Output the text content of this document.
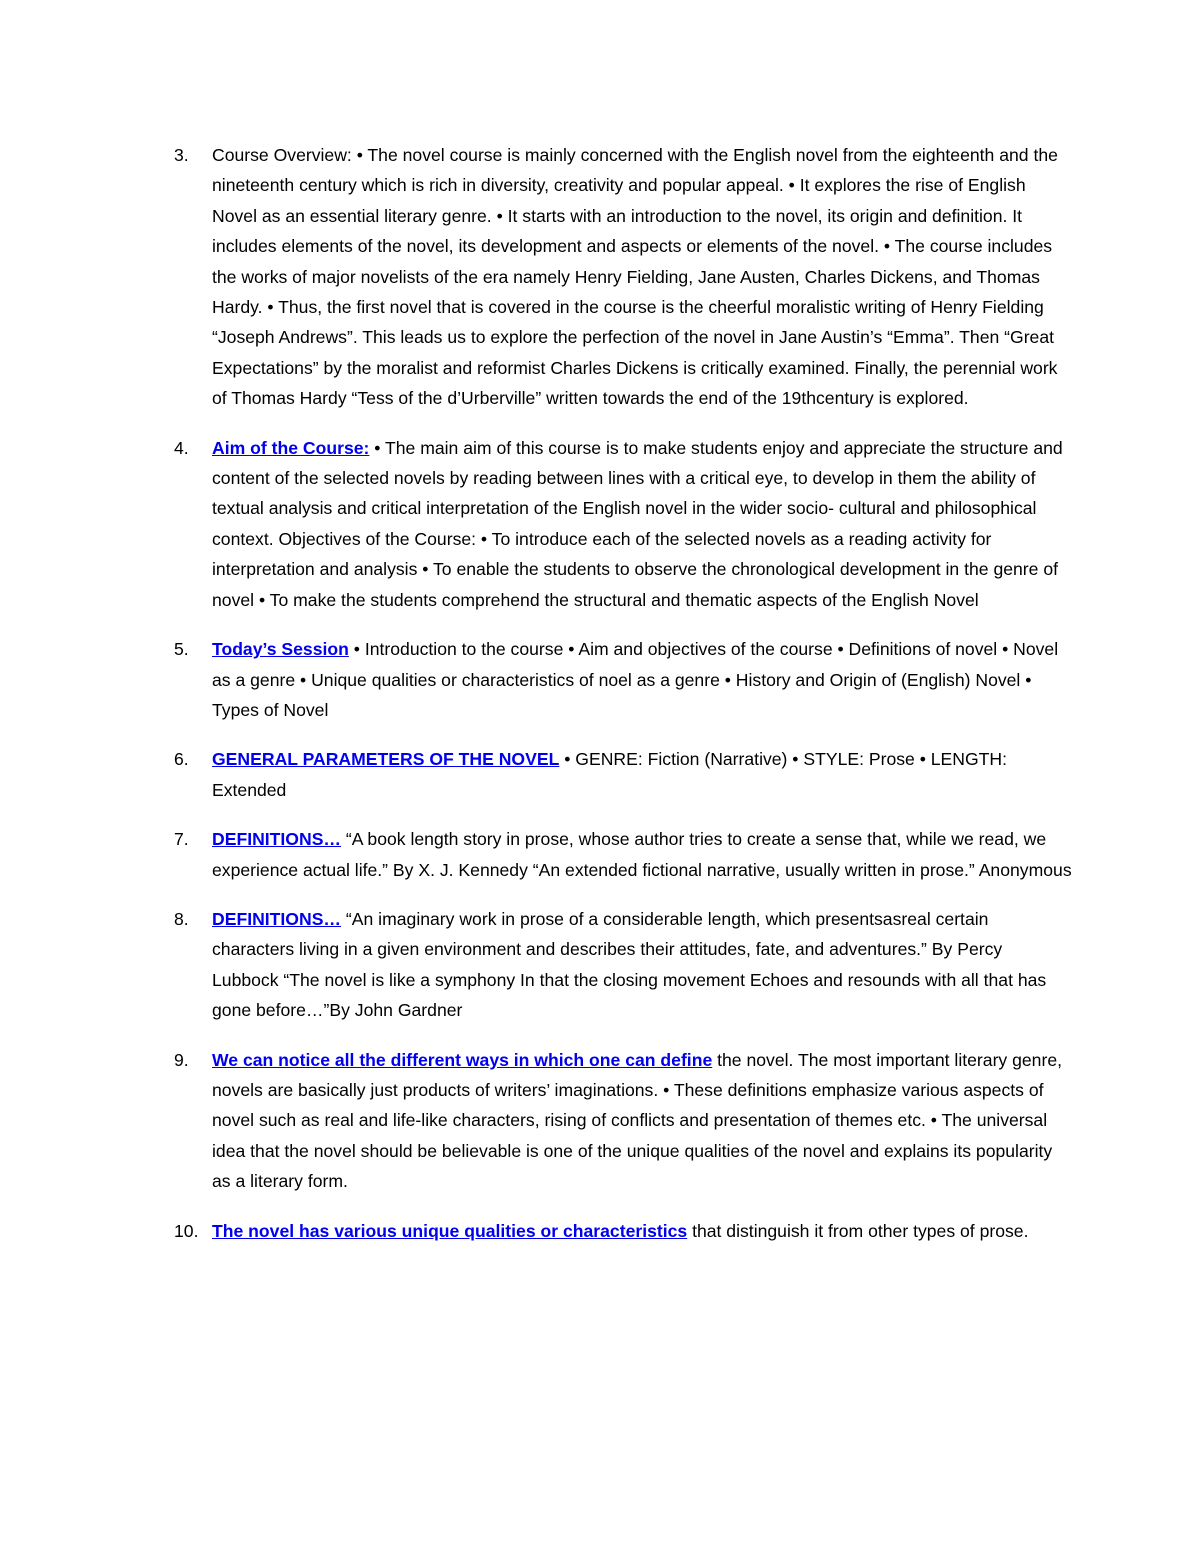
3.	Course Overview: • The novel course is mainly concerned with the English novel from the eighteenth and the nineteenth century which is rich in diversity, creativity and popular appeal. • It explores the rise of English Novel as an essential literary genre. • It starts with an introduction to the novel, its origin and definition. It includes elements of the novel, its development and aspects or elements of the novel. • The course includes the works of major novelists of the era namely Henry Fielding, Jane Austen, Charles Dickens, and Thomas Hardy. • Thus, the first novel that is covered in the course is the cheerful moralistic writing of Henry Fielding “Joseph Andrews”. This leads us to explore the perfection of the novel in Jane Austin’s “Emma”. Then “Great Expectations” by the moralist and reformist Charles Dickens is critically examined. Finally, the perennial work of Thomas Hardy “Tess of the d’Urberville” written towards the end of the 19thcentury is explored.
4.	Aim of the Course: • The main aim of this course is to make students enjoy and appreciate the structure and content of the selected novels by reading between lines with a critical eye, to develop in them the ability of textual analysis and critical interpretation of the English novel in the wider socio- cultural and philosophical context. Objectives of the Course: • To introduce each of the selected novels as a reading activity for interpretation and analysis • To enable the students to observe the chronological development in the genre of novel • To make the students comprehend the structural and thematic aspects of the English Novel
5.	Today’s Session • Introduction to the course • Aim and objectives of the course • Definitions of novel • Novel as a genre • Unique qualities or characteristics of noel as a genre • History and Origin of (English) Novel • Types of Novel
6.	GENERAL PARAMETERS OF THE NOVEL • GENRE: Fiction (Narrative) • STYLE: Prose • LENGTH: Extended
7.	DEFINITIONS… “A book length story in prose, whose author tries to create a sense that, while we read, we experience actual life.” By X. J. Kennedy “An extended fictional narrative, usually written in prose.” Anonymous
8.	DEFINITIONS… “An imaginary work in prose of a considerable length, which presentsasreal certain characters living in a given environment and describes their attitudes, fate, and adventures.” By Percy Lubbock “The novel is like a symphony In that the closing movement Echoes and resounds with all that has gone before…”By John Gardner
9.	We can notice all the different ways in which one can define the novel. The most important literary genre, novels are basically just products of writers’ imaginations. • These definitions emphasize various aspects of novel such as real and life-like characters, rising of conflicts and presentation of themes etc. • The universal idea that the novel should be believable is one of the unique qualities of the novel and explains its popularity as a literary form.
10. The novel has various unique qualities or characteristics that distinguish it from other types of prose.
